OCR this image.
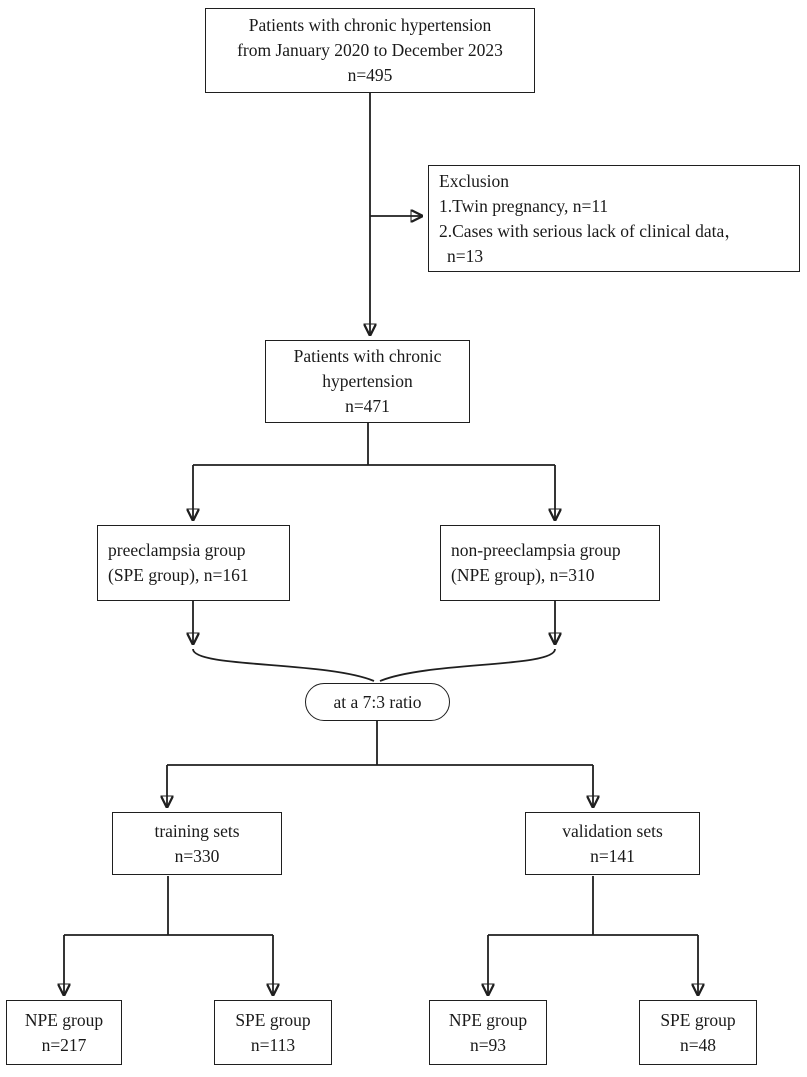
Patients with chronic hypertension
from January 2020 to December 2023
n=495
Exclusion
1.Twin pregnancy, n=11
2.Cases with serious lack of clinical data，
n=13
Patients with chronic
hypertension
n=471
preeclampsia group
(SPE group), n=161
non-preeclampsia group
(NPE group), n=310
at a 7:3 ratio
training sets
n=330
validation sets
n=141
NPE group
n=217
SPE group
n=113
NPE group
n=93
SPE group
n=48
